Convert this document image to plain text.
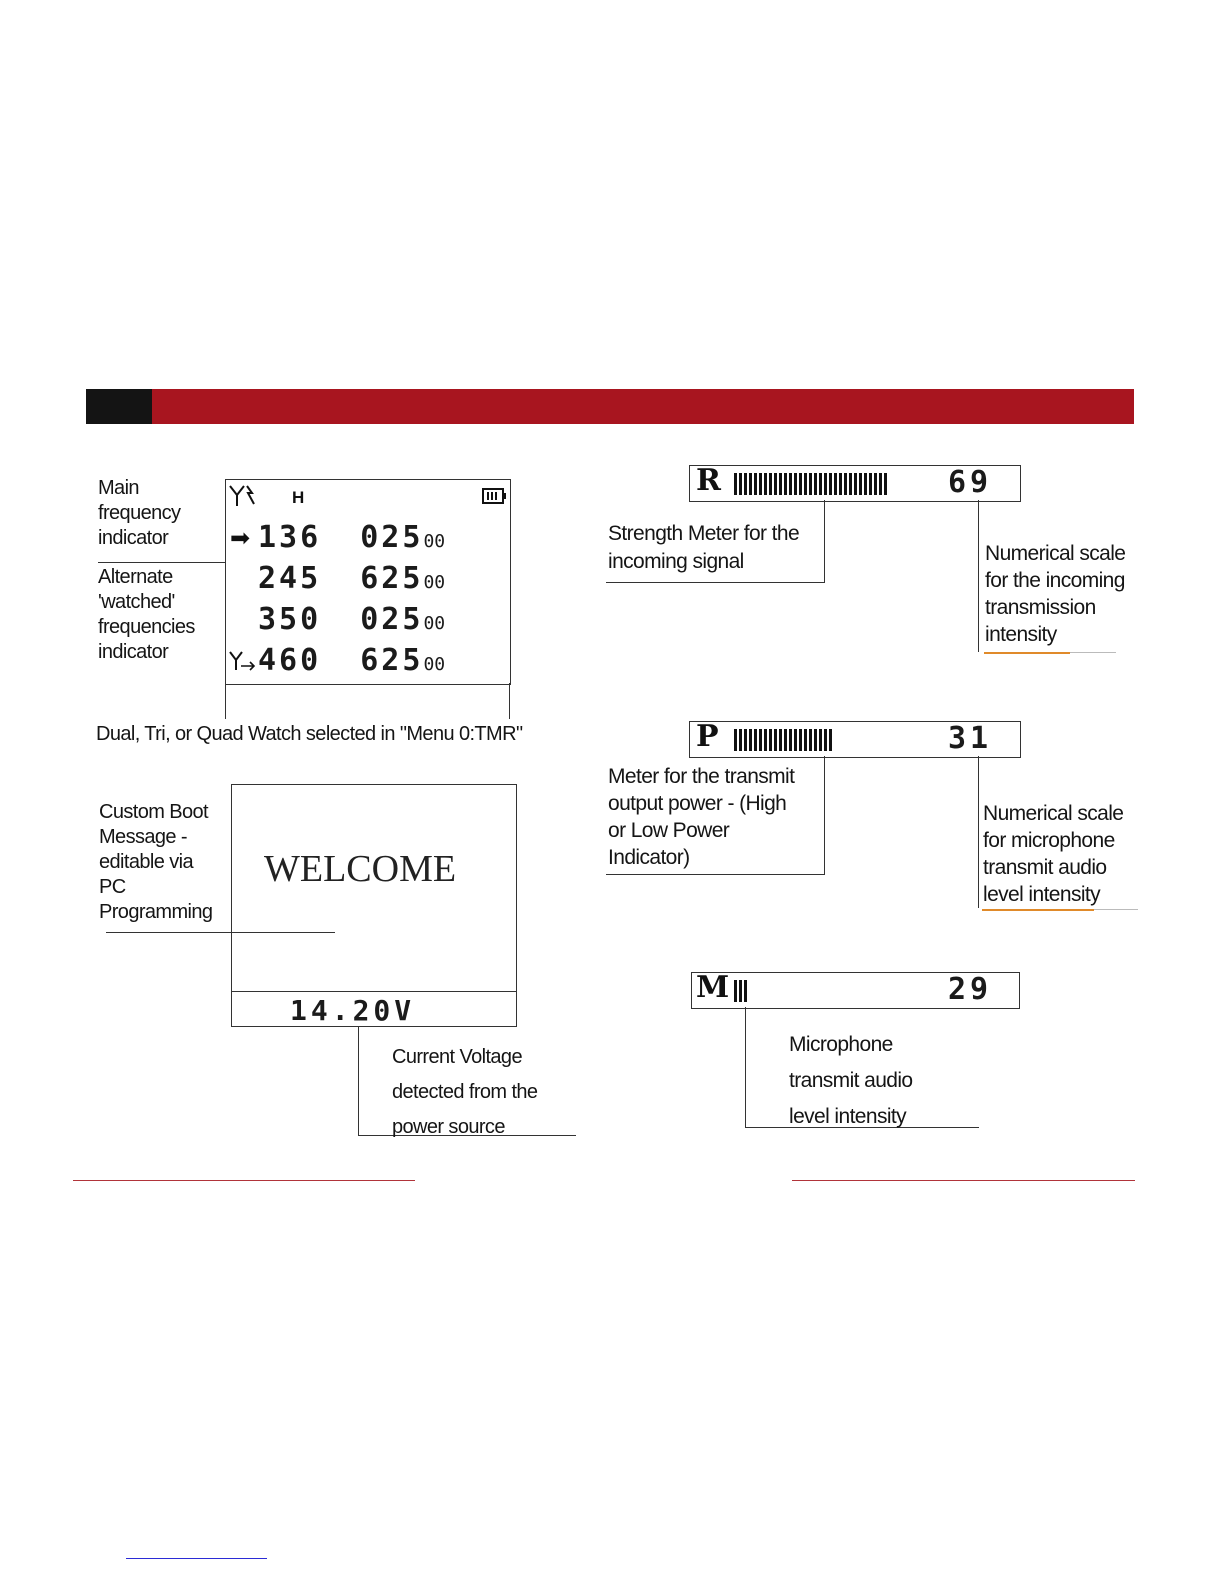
Main
frequency
indicator
Alternate
'watched'
frequencies
indicator
H
➡ 136 02500
245 62500
350 02500
460 62500
Dual, Tri, or Quad Watch selected in "Menu 0:TMR"
Custom Boot
Message -
editable via
PC
Programming
WELCOME
14.20V
Current Voltage
detected from the
power source
R	69
Strength Meter for the
incoming signal	Numerical scale
for the incoming
transmission
intensity
P	31
Meter for the transmit
output power - (High
or Low Power
Indicator)
Numerical scale
for microphone
transmit audio
level intensity
M	29
Microphone
transmit audio
level intensity
